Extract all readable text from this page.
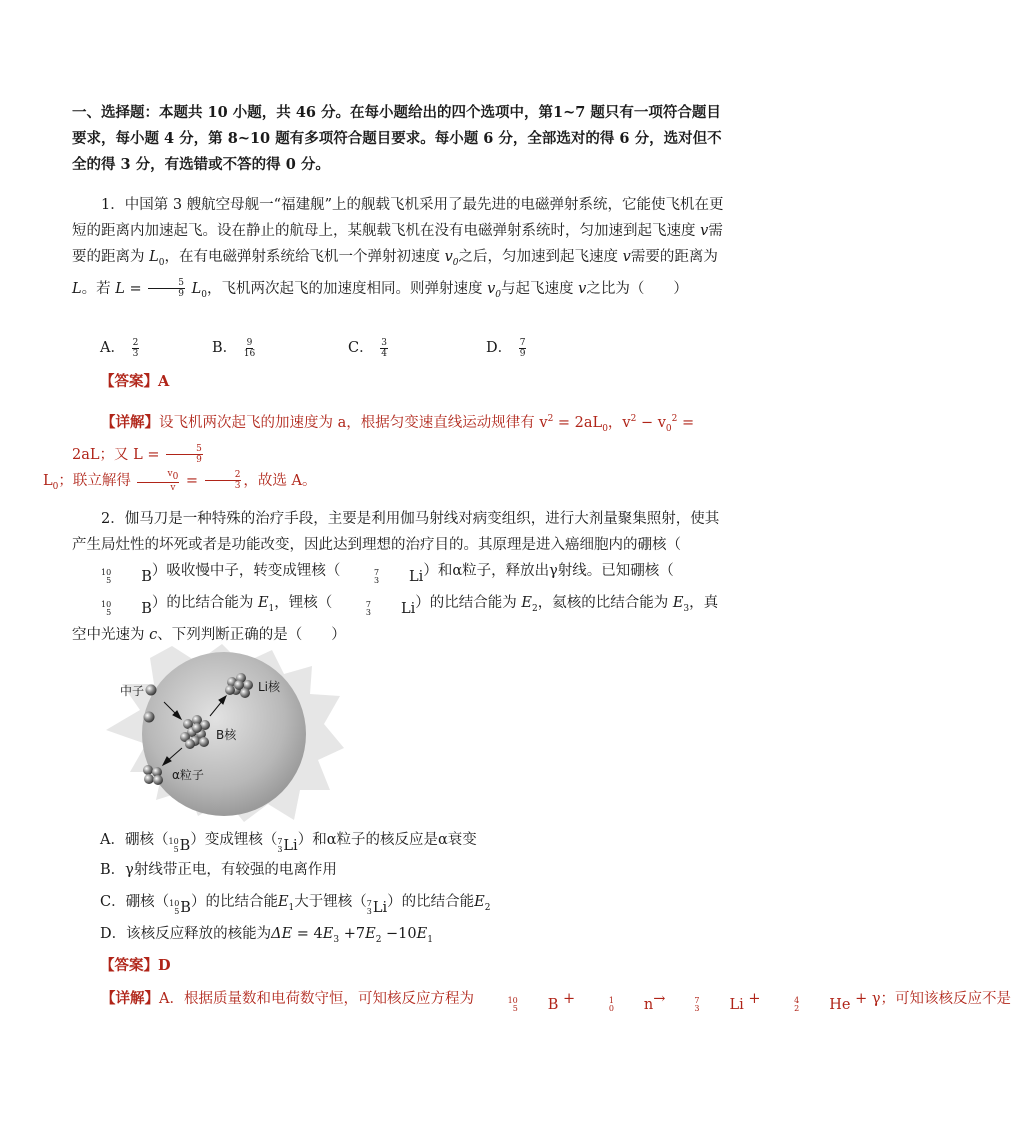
一、选择题：本题共 10 小题，共 46 分。在每小题给出的四个选项中，第1~7 题只有一项符合题目要求，每小题 4 分，第 8~10 题有多项符合题目要求。每小题 6 分，全部选对的得 6 分，选对但不全的得 3 分，有选错或不答的得 0 分。
1．中国第 3 艘航空母舰一“福建舰”上的舰载飞机采用了最先进的电磁弹射系统，它能使飞机在更短的距离内加速起飞。设在静止的航母上，某舰载飞机在没有电磁弹射系统时，匀加速到起飞速度 v需要的距离为 $L_0$，在有电磁弹射系统给飞机一个弹射初速度 $v_0$之后，匀加速到起飞速度 v需要的距离为 L。若 $L = \frac{5}{9} L_0$，飞机两次起飞的加速度相同。则弹射速度 $v_0$与起飞速度 v之比为（　　）
A． $\frac{2}{3}$	B． $\frac{9}{16}$	C． $\frac{3}{4}$	D． $\frac{7}{9}$
【答案】A
【详解】设飞机两次起飞的加速度为 a，根据匀变速直线运动规律有 $v^2 = 2aL_0$，$v^2 - v_0^2 = 2aL$；又 $L = \frac{5}{9}$

$L_0$；联立解得 $\frac{v_0}{v} = \frac{2}{3}$ ，故选 A。
2．伽马刀是一种特殊的治疗手段，主要是利用伽马射线对病变组织，进行大剂量聚集照射，使其产生局灶性的坏死或者是功能改变，因此达到理想的治疗目的。其原理是进入癌细胞内的硼核（
10
5 B）吸收慢中子，转变成锂核（	7
3 Li）和α粒子，释放出γ射线。已知硼核（
10
5 B）的比结合能为 $E_1$，锂核（	7
3 Li）的比结合能为 $E_2$，氦核的比结合能为 $E_3$，真空中光速为 c、下列判断正确的是（　　）
中子	Li核
B核
α粒子
A．硼核（ 10
5 B）变成锂核（ 7
3 Li）和α粒子的核反应是α衰变
B．γ射线带正电，有较强的电离作用
C．硼核（ 10
5 B）的比结合能$E_1$大于锂核（ 7
3 Li）的比结合能$E_2$
D．该核反应释放的核能为$\Delta E = 4E_3 +7E_2 -10E_1$
【答案】D
【详解】A．根据质量数和电荷数守恒，可知核反应方程为	10
5 B +	1
0 n→	7
3 Li +	4
2 He + γ；可知该核反应不是
